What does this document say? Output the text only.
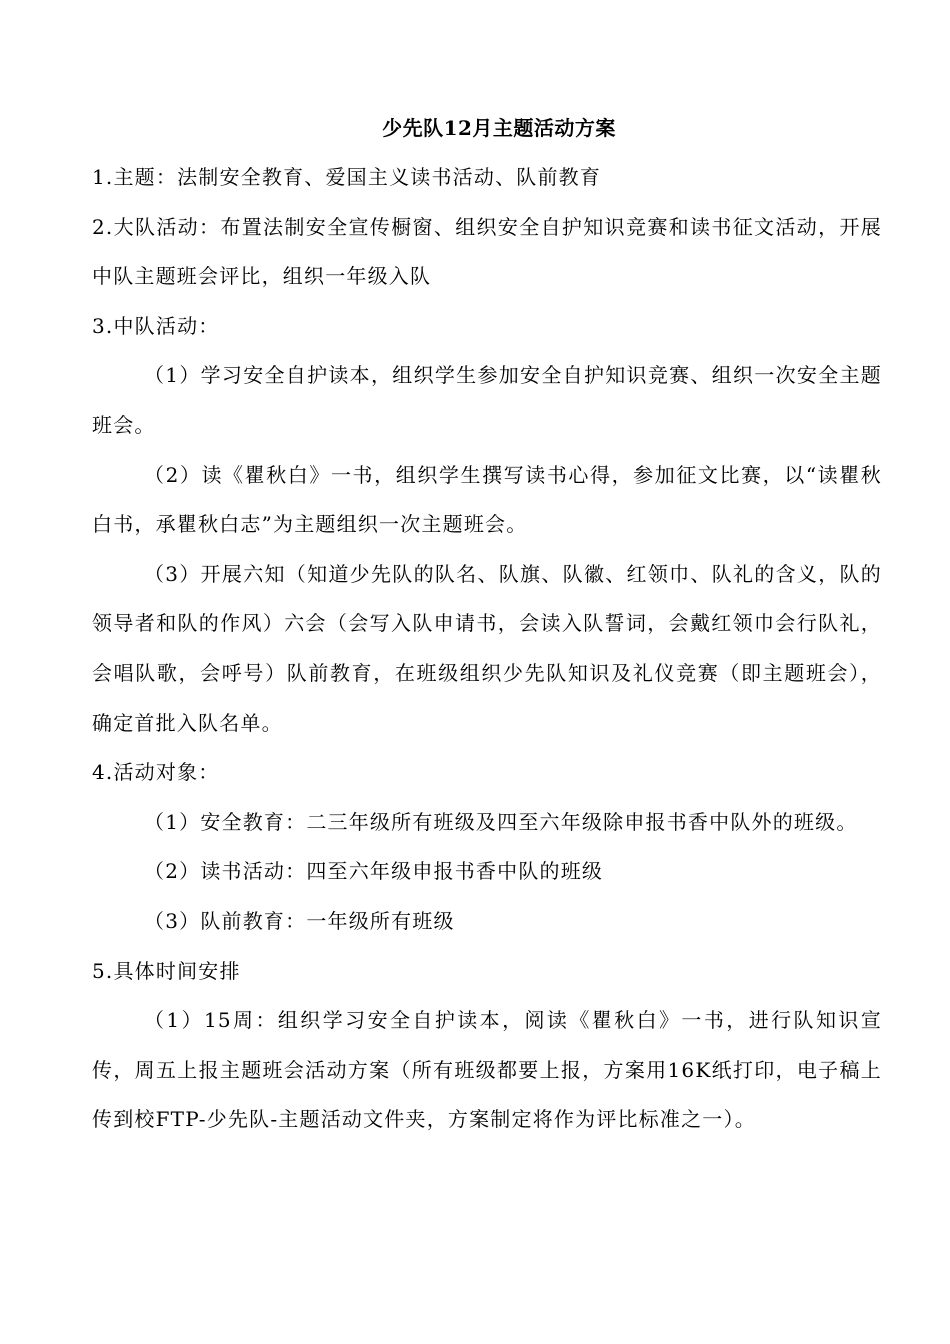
少先队12月主题活动方案

1.主题：法制安全教育、爱国主义读书活动、队前教育

2.大队活动：布置法制安全宣传橱窗、组织安全自护知识竞赛和读书征文活动，开展中队主题班会评比，组织一年级入队

3.中队活动：

（1）学习安全自护读本，组织学生参加安全自护知识竞赛、组织一次安全主题班会。

（2）读《瞿秋白》一书，组织学生撰写读书心得，参加征文比赛，以“读瞿秋白书，承瞿秋白志”为主题组织一次主题班会。

（3）开展六知（知道少先队的队名、队旗、队徽、红领巾、队礼的含义，队的领导者和队的作风）六会（会写入队申请书，会读入队誓词，会戴红领巾会行队礼，会唱队歌，会呼号）队前教育，在班级组织少先队知识及礼仪竞赛（即主题班会），确定首批入队名单。

4.活动对象：

（1）安全教育：二三年级所有班级及四至六年级除申报书香中队外的班级。

（2）读书活动：四至六年级申报书香中队的班级

（3）队前教育：一年级所有班级

5.具体时间安排

（1）15周：组织学习安全自护读本，阅读《瞿秋白》一书，进行队知识宣传，周五上报主题班会活动方案（所有班级都要上报，方案用16K纸打印，电子稿上传到校FTP-少先队-主题活动文件夹，方案制定将作为评比标准之一）。
